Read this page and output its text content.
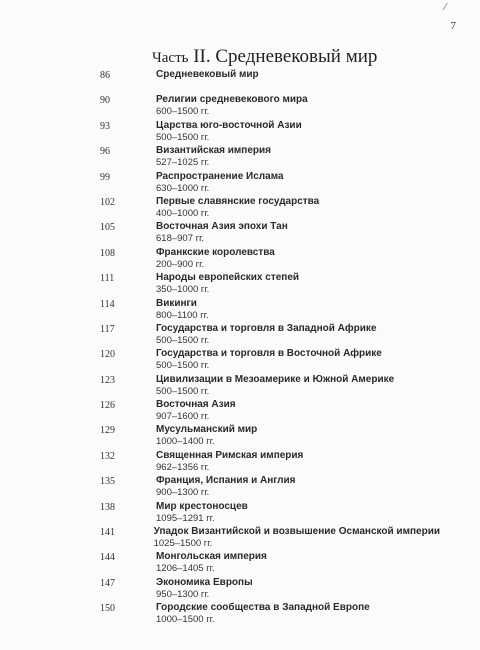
⁄
7
Часть II. Средневековый мир
86	Средневековый мир
90	Религии средневекового мира
600–1500 гг.
93	Царства юго-восточной Азии
500–1500 гг.
96	Византийская империя
527–1025 гг.
99	Распространение Ислама
630–1000 гг.
102	Первые славянские государства
400–1000 гг.
105	Восточная Азия эпохи Тан
618–907 гг.
108	Франкские королевства
200–900 гг.
111	Народы европейских степей
350–1000 гг.
114	Викинги
800–1100 гг.
117	Государства и торговля в Западной Африке
500–1500 гг.
120	Государства и торговля в Восточной Африке
500–1500 гг.
123	Цивилизации в Мезоамерике и Южной Америке
500–1500 гг.
126	Восточная Азия
907–1600 гг.
129	Мусульманский мир
1000–1400 гг.
132	Священная Римская империя
962–1356 гг.
135	Франция, Испания и Англия
900–1300 гг.
138	Мир крестоносцев
1095–1291 гг.
141	Упадок Византийской и возвышение Османской империи
1025–1500 гг.
144	Монгольская империя
1206–1405 гг.
147	Экономика Европы
950–1300 гг.
150	Городские сообщества в Западной Европе
1000–1500 гг.
